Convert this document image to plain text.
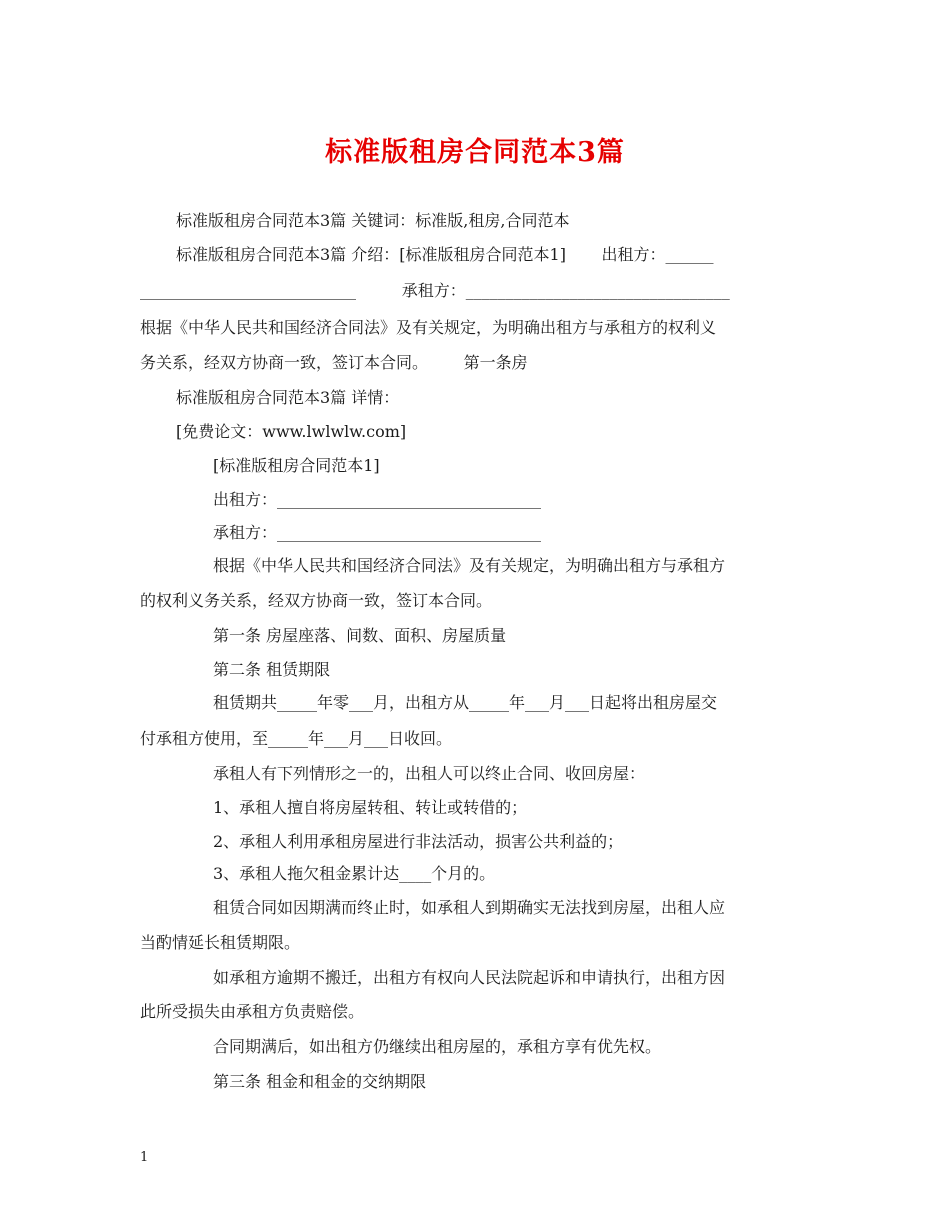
标准版租房合同范本3篇
标准版租房合同范本3篇 关键词：标准版,租房,合同范本
标准版租房合同范本3篇 介绍：[标准版租房合同范本1]       出租方：______
___________________________         承租方：_________________________________
根据《中华人民共和国经济合同法》及有关规定，为明确出租方与承租方的权利义
务关系，经双方协商一致，签订本合同。       第一条房
标准版租房合同范本3篇 详情：
[免费论文：www.lwlwlw.com]
[标准版租房合同范本1]
出租方：_________________________________
承租方：_________________________________
根据《中华人民共和国经济合同法》及有关规定，为明确出租方与承租方
的权利义务关系，经双方协商一致，签订本合同。
第一条 房屋座落、间数、面积、房屋质量
第二条 租赁期限
租赁期共_____年零___月，出租方从_____年___月___日起将出租房屋交
付承租方使用，至_____年___月___日收回。
承租人有下列情形之一的，出租人可以终止合同、收回房屋：
1、承租人擅自将房屋转租、转让或转借的；
2、承租人利用承租房屋进行非法活动，损害公共利益的；
3、承租人拖欠租金累计达____个月的。
租赁合同如因期满而终止时，如承租人到期确实无法找到房屋，出租人应
当酌情延长租赁期限。
如承租方逾期不搬迁，出租方有权向人民法院起诉和申请执行，出租方因
此所受损失由承租方负责赔偿。
合同期满后，如出租方仍继续出租房屋的，承租方享有优先权。
第三条 租金和租金的交纳期限
1
